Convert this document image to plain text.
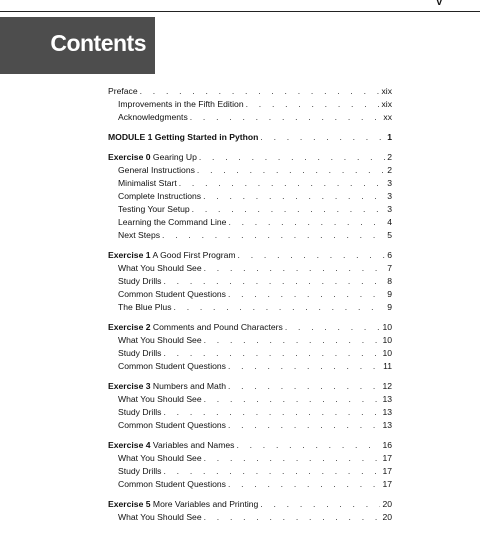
v
Contents
Preface . . .	xix
Improvements in the Fifth Edition . . .	xix
Acknowledgments . . .	xx
MODULE 1 Getting Started in Python . . .	1
Exercise 0 Gearing Up . . .	2
General Instructions . . .	2
Minimalist Start . . .	3
Complete Instructions . . .	3
Testing Your Setup . . .	3
Learning the Command Line . . .	4
Next Steps . . .	5
Exercise 1 A Good First Program . . .	6
What You Should See . . .	7
Study Drills . . .	8
Common Student Questions . . .	9
The Blue Plus . . .	9
Exercise 2 Comments and Pound Characters . . .	10
What You Should See . . .	10
Study Drills . . .	10
Common Student Questions . . .	11
Exercise 3 Numbers and Math . . .	12
What You Should See . . .	13
Study Drills . . .	13
Common Student Questions . . .	13
Exercise 4 Variables and Names . . .	16
What You Should See . . .	17
Study Drills . . .	17
Common Student Questions . . .	17
Exercise 5 More Variables and Printing . . .	20
What You Should See . . .	20
